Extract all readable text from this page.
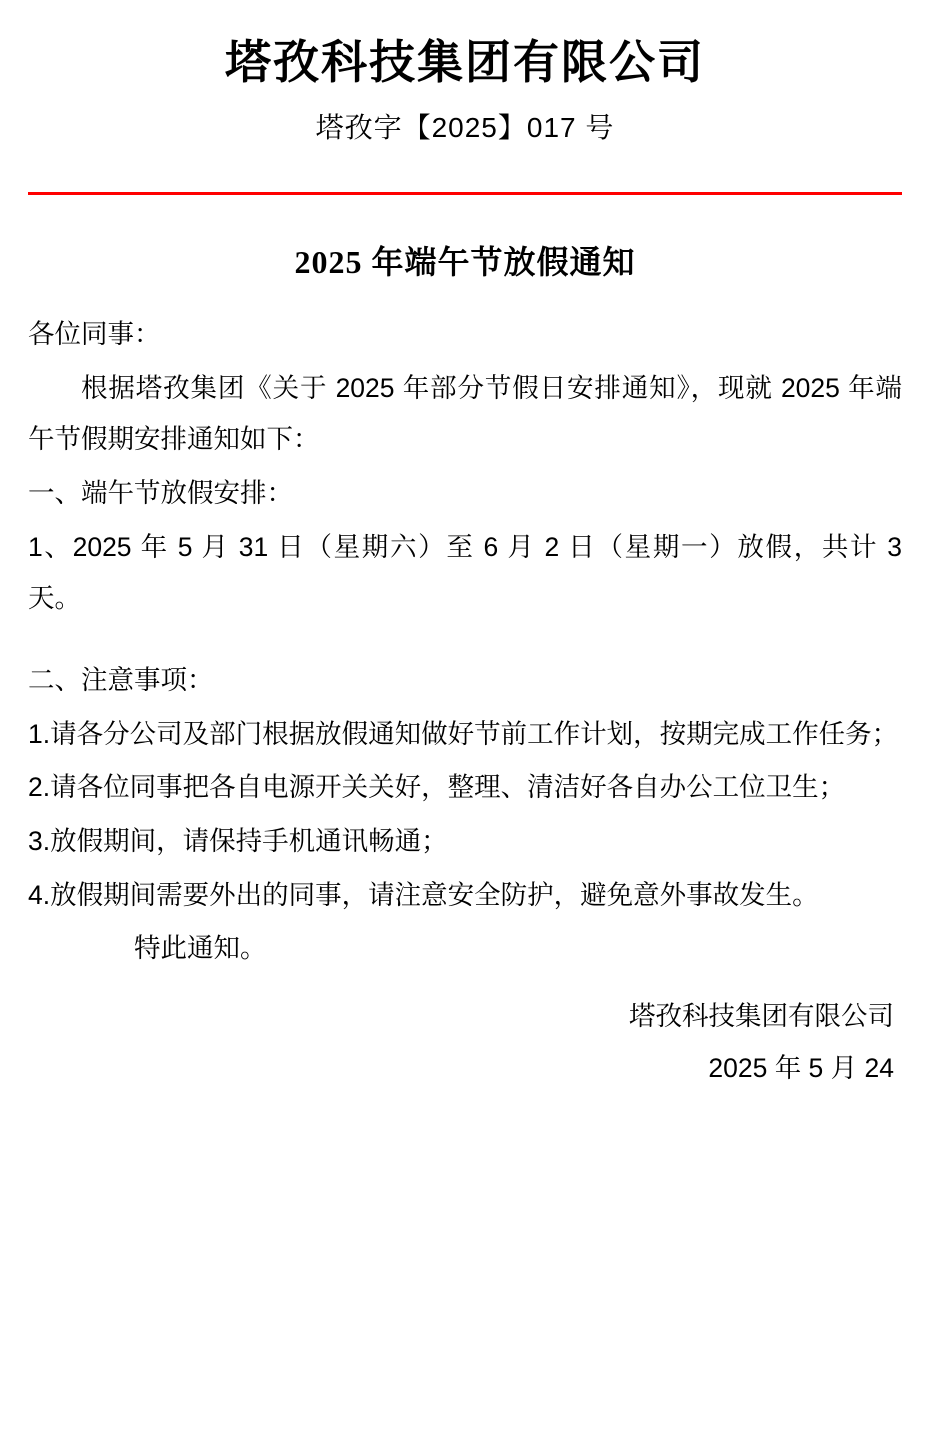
塔孜科技集团有限公司
塔孜字【2025】017 号
2025 年端午节放假通知

各位同事：

根据塔孜集团《关于 2025 年部分节假日安排通知》，现就 2025 年端午节假期安排通知如下：

一、端午节放假安排：

1、2025 年 5 月 31 日（星期六）至 6 月 2 日（星期一）放假，共计 3 天。

二、注意事项：

1.请各分公司及部门根据放假通知做好节前工作计划，按期完成工作任务；

2.请各位同事把各自电源开关关好，整理、清洁好各自办公工位卫生；

3.放假期间，请保持手机通讯畅通；

4.放假期间需要外出的同事，请注意安全防护，避免意外事故发生。

特此通知。

塔孜科技集团有限公司
2025 年 5 月 24
